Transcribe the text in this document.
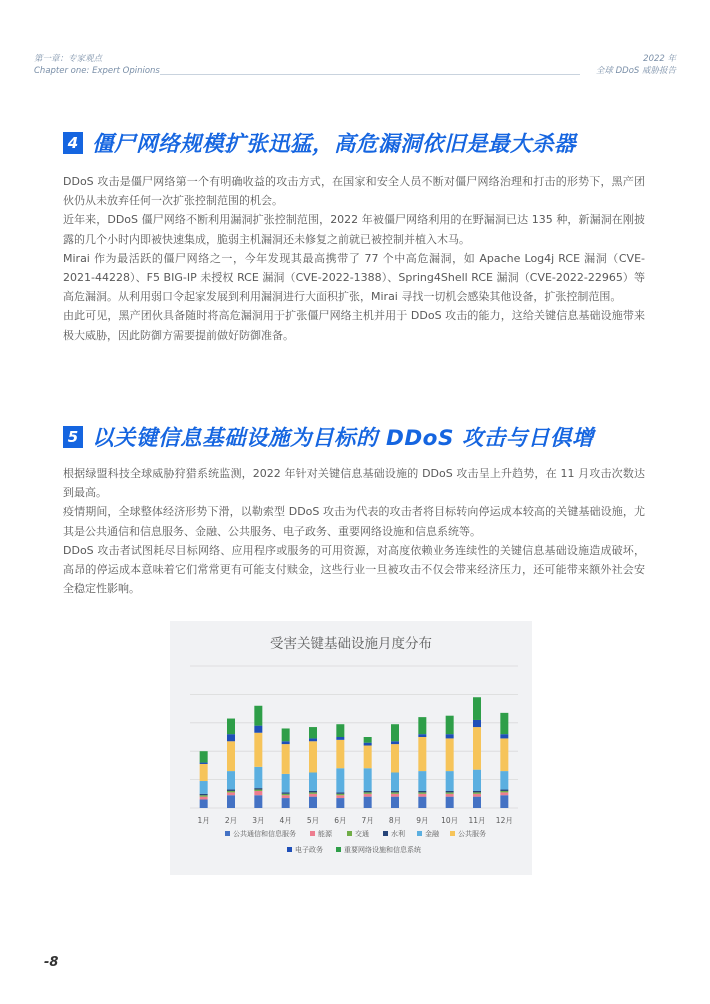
第一章：专家观点
Chapter one: Expert Opinions
2022 年
全球 DDoS 威胁报告
4 僵尸网络规模扩张迅猛，高危漏洞依旧是最大杀器

DDoS 攻击是僵尸网络第一个有明确收益的攻击方式，在国家和安全人员不断对僵尸网络治理和打击的形势下，黑产团伙仍从未放弃任何一次扩张控制范围的机会。

近年来，DDoS 僵尸网络不断利用漏洞扩张控制范围，2022 年被僵尸网络利用的在野漏洞已达 135 种，新漏洞在刚披露的几个小时内即被快速集成，脆弱主机漏洞还未修复之前就已被控制并植入木马。

Mirai 作为最活跃的僵尸网络之一，今年发现其最高携带了 77 个中高危漏洞，如 Apache Log4j RCE 漏洞（CVE-2021-44228）、F5 BIG-IP 未授权 RCE 漏洞（CVE-2022-1388）、Spring4Shell RCE 漏洞（CVE-2022-22965）等高危漏洞。从利用弱口令起家发展到利用漏洞进行大面积扩张，Mirai 寻找一切机会感染其他设备，扩张控制范围。

由此可见，黑产团伙具备随时将高危漏洞用于扩张僵尸网络主机并用于 DDoS 攻击的能力，这给关键信息基础设施带来极大威胁，因此防御方需要提前做好防御准备。

5 以关键信息基础设施为目标的 DDoS 攻击与日俱增

根据绿盟科技全球威胁狩猎系统监测，2022 年针对关键信息基础设施的 DDoS 攻击呈上升趋势，在 11 月攻击次数达到最高。

疫情期间，全球整体经济形势下滑，以勒索型 DDoS 攻击为代表的攻击者将目标转向停运成本较高的关键基础设施，尤其是公共通信和信息服务、金融、公共服务、电子政务、重要网络设施和信息系统等。

DDoS 攻击者试图耗尽目标网络、应用程序或服务的可用资源，对高度依赖业务连续性的关键信息基础设施造成破坏，高昂的停运成本意味着它们常常更有可能支付赎金，这些行业一旦被攻击不仅会带来经济压力，还可能带来额外社会安全稳定性影响。

受害关键基础设施月度分布
1月 2月 3月 4月 5月 6月 7月 8月 9月 10月 11月 12月
公共通信和信息服务	能源	交通	水利	金融	公共服务
电子政务	重要网络设施和信息系统
-8
